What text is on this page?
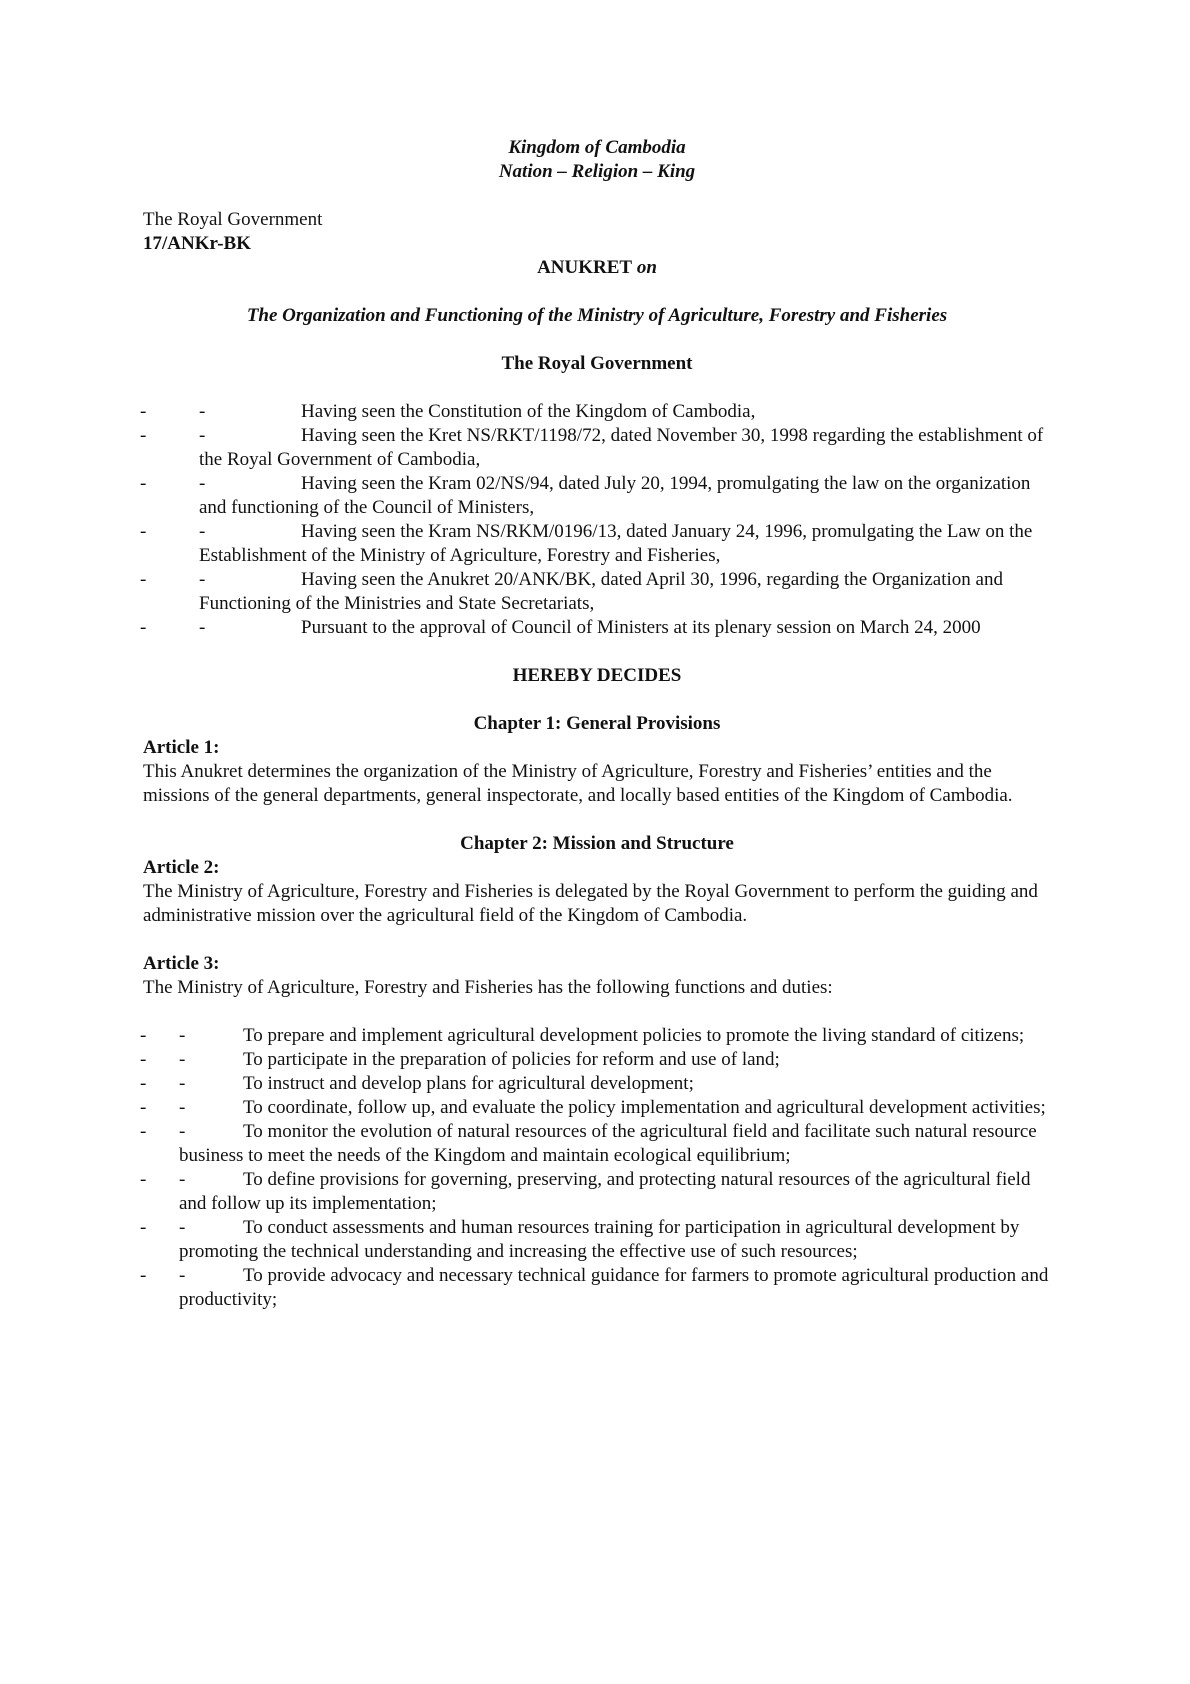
Kingdom of Cambodia
Nation – Religion – King
The Royal Government
17/ANKr-BK
ANUKRET on
The Organization and Functioning of the Ministry of Agriculture, Forestry and Fisheries
The Royal Government
-	-	Having seen the Constitution of the Kingdom of Cambodia,
-	-	Having seen the Kret NS/RKT/1198/72, dated November 30, 1998 regarding the establishment of the Royal Government of Cambodia,
-	-	Having seen the Kram 02/NS/94, dated July 20, 1994, promulgating the law on the organization and functioning of the Council of Ministers,
-	-	Having seen the Kram NS/RKM/0196/13, dated January 24, 1996, promulgating the Law on the Establishment of the Ministry of Agriculture, Forestry and Fisheries,
-	-	Having seen the Anukret 20/ANK/BK, dated April 30, 1996, regarding the Organization and Functioning of the Ministries and State Secretariats,
-	-	Pursuant to the approval of Council of Ministers at its plenary session on March 24, 2000
HEREBY DECIDES
Chapter 1: General Provisions
Article 1:
This Anukret determines the organization of the Ministry of Agriculture, Forestry and Fisheries’ entities and the missions of the general departments, general inspectorate, and locally based entities of the Kingdom of Cambodia.
Chapter 2: Mission and Structure
Article 2:
The Ministry of Agriculture, Forestry and Fisheries is delegated by the Royal Government to perform the guiding and administrative mission over the agricultural field of the Kingdom of Cambodia.
Article 3:
The Ministry of Agriculture, Forestry and Fisheries has the following functions and duties:
- -	To prepare and implement agricultural development policies to promote the living standard of citizens;
- -	To participate in the preparation of policies for reform and use of land;
- -	To instruct and develop plans for agricultural development;
- -	To coordinate, follow up, and evaluate the policy implementation and agricultural development activities;
- -	To monitor the evolution of natural resources of the agricultural field and facilitate such natural resource business to meet the needs of the Kingdom and maintain ecological equilibrium;
- -	To define provisions for governing, preserving, and protecting natural resources of the agricultural field and follow up its implementation;
- -	To conduct assessments and human resources training for participation in agricultural development by promoting the technical understanding and increasing the effective use of such resources;
- -	To provide advocacy and necessary technical guidance for farmers to promote agricultural production and productivity;
